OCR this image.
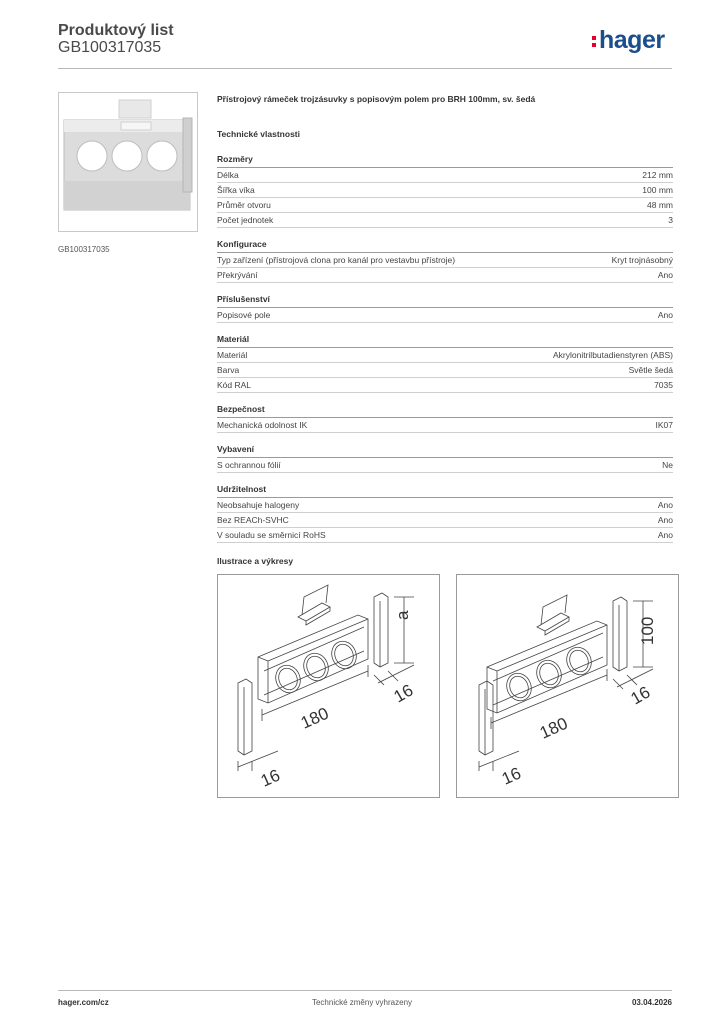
Produktový list
GB100317035	hager
GB100317035
Přístrojový rámeček trojzásuvky s popisovým polem pro BRH 100mm, sv. šedá
Technické vlastnosti
Rozměry
Délka	212 mm
Šířka víka	100 mm
Průměr otvoru	48 mm
Počet jednotek	3
Konfigurace
Typ zařízení (přístrojová clona pro kanál pro vestavbu přístroje)	Kryt trojnásobný
Překrývání	Ano
Příslušenství
Popisové pole	Ano
Materiál
Materiál	Akrylonitrilbutadienstyren (ABS)
Barva	Světle šedá
Kód RAL	7035
Bezpečnost
Mechanická odolnost IK	IK07
Vybavení
S ochrannou fólií	Ne
Udržitelnost
Neobsahuje halogeny	Ano
Bez REACh-SVHC	Ano
V souladu se směrnicí RoHS	Ano
Ilustrace a výkresy
a
16
180
16
100
16
180
16
hager.com/cz	Technické změny vyhrazeny	03.04.2026
